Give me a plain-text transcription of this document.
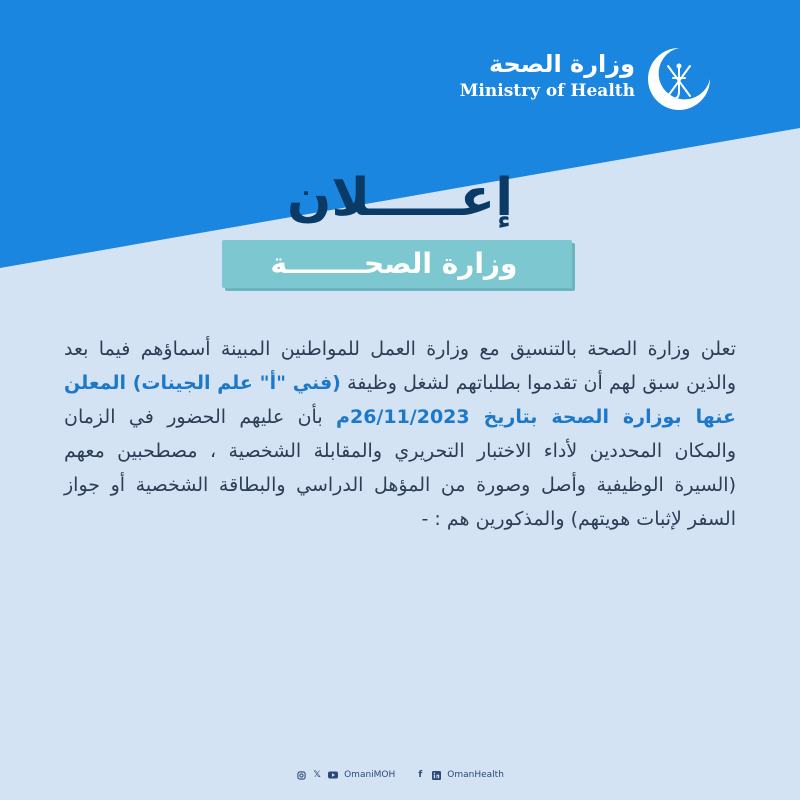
وزارة الصحة
Ministry of Health
إعـــــلان
وزارة الصحــــــــة
تعلن وزارة الصحة بالتنسيق مع وزارة العمل للمواطنين المبينة أسماؤهم فيما بعد والذين سبق لهم أن تقدموا بطلباتهم لشغل وظيفة (فني "أ" علم الجينات) المعلن عنها بوزارة الصحة بتاريخ 26/11/2023م بأن عليهم الحضور في الزمان والمكان المحددين لأداء الاختبار التحريري والمقابلة الشخصية ، مصطحبين معهم (السيرة الوظيفية وأصل وصورة من المؤهل الدراسي والبطاقة الشخصية أو جواز السفر لإثبات هويتهم) والمذكورين هم : -
𝕏	OmaniMOH	f	OmanHealth
